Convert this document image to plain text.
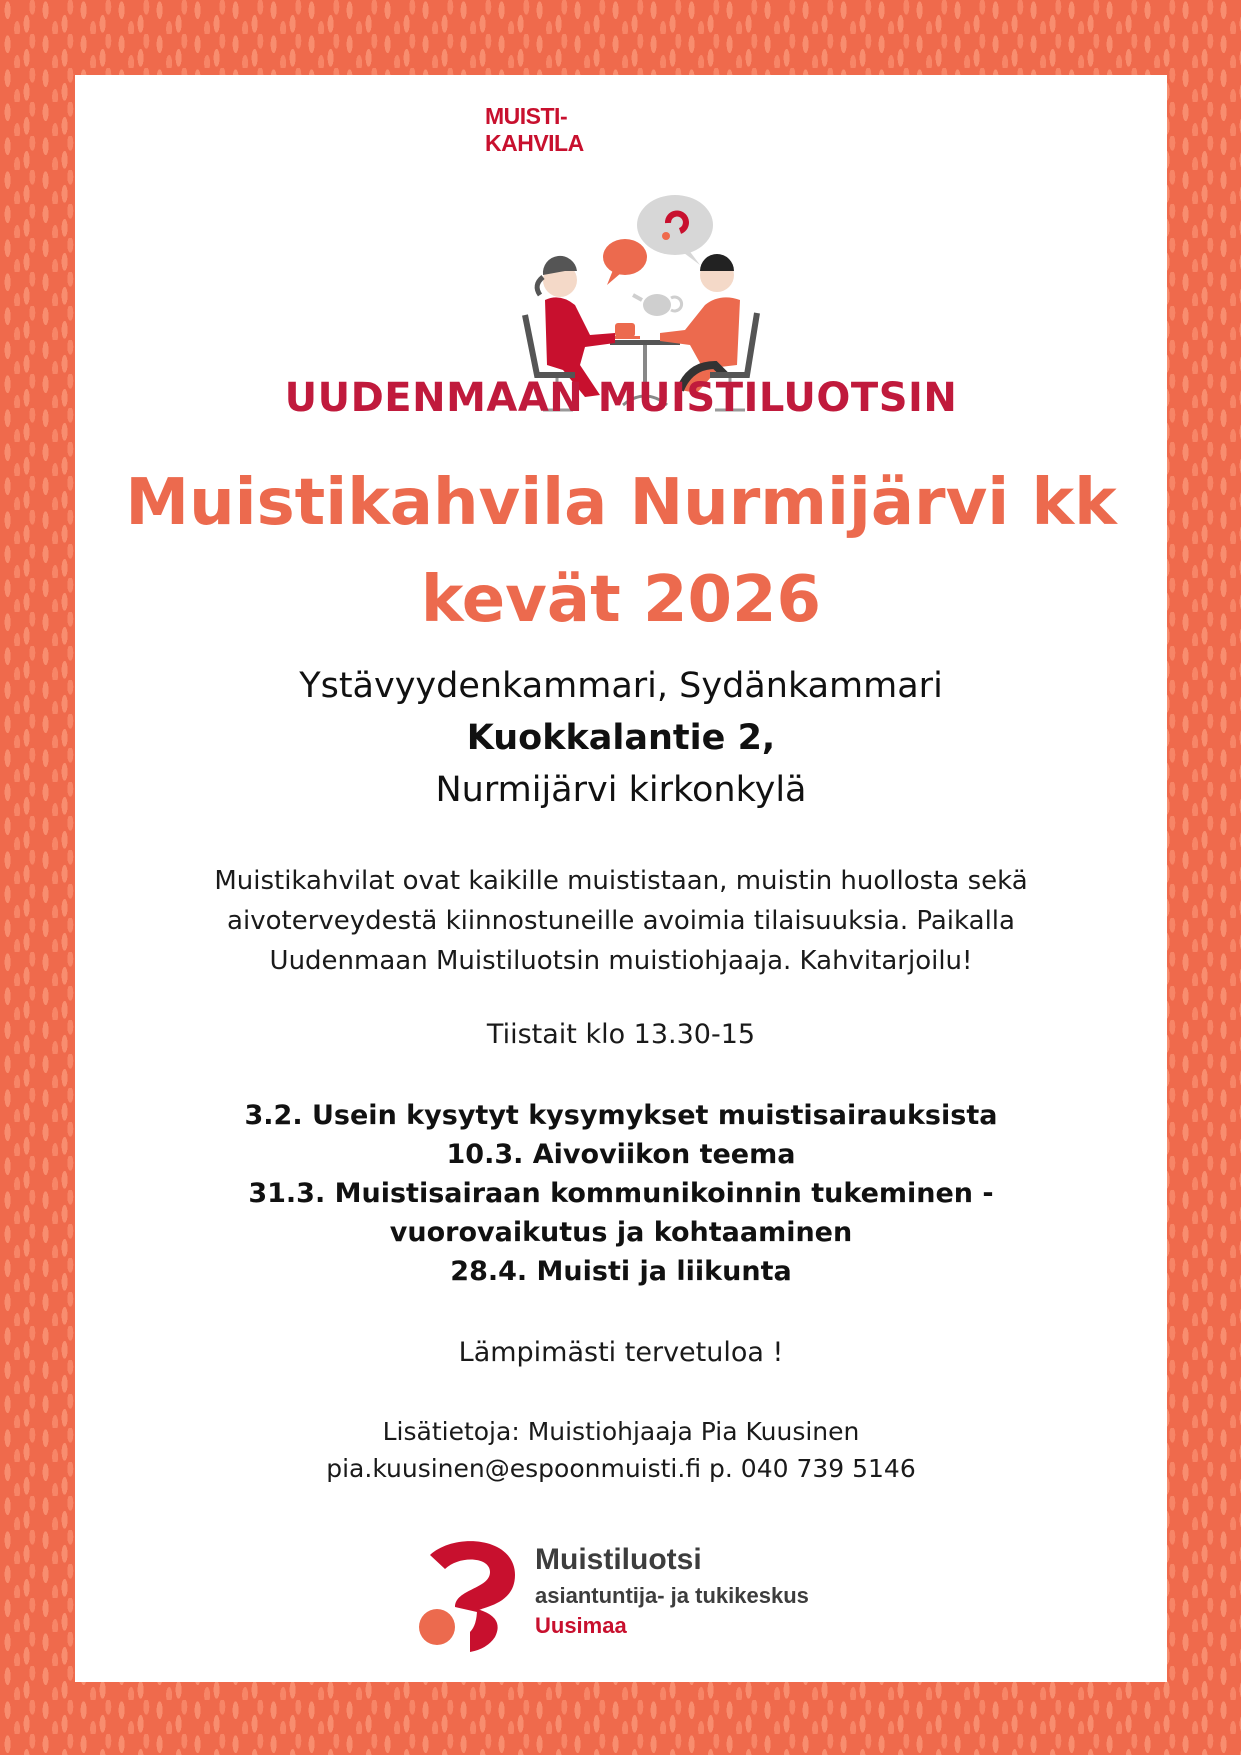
MUISTI-
KAHVILA
UUDENMAAN MUISTILUOTSIN
Muistikahvila Nurmijärvi kk
kevät 2026
Ystävyydenkammari, Sydänkammari
Kuokkalantie 2,
Nurmijärvi kirkonkylä
Muistikahvilat ovat kaikille muististaan, muistin huollosta sekä
aivoterveydestä kiinnostuneille avoimia tilaisuuksia. Paikalla
Uudenmaan Muistiluotsin muistiohjaaja. Kahvitarjoilu!
Tiistait klo 13.30-15
3.2. Usein kysytyt kysymykset muistisairauksista
10.3. Aivoviikon teema
31.3. Muistisairaan kommunikoinnin tukeminen -
vuorovaikutus ja kohtaaminen
28.4. Muisti ja liikunta
Lämpimästi tervetuloa !
Lisätietoja: Muistiohjaaja Pia Kuusinen
pia.kuusinen@espoonmuisti.fi p. 040 739 5146
Muistiluotsi
asiantuntija- ja tukikeskus
Uusimaa
